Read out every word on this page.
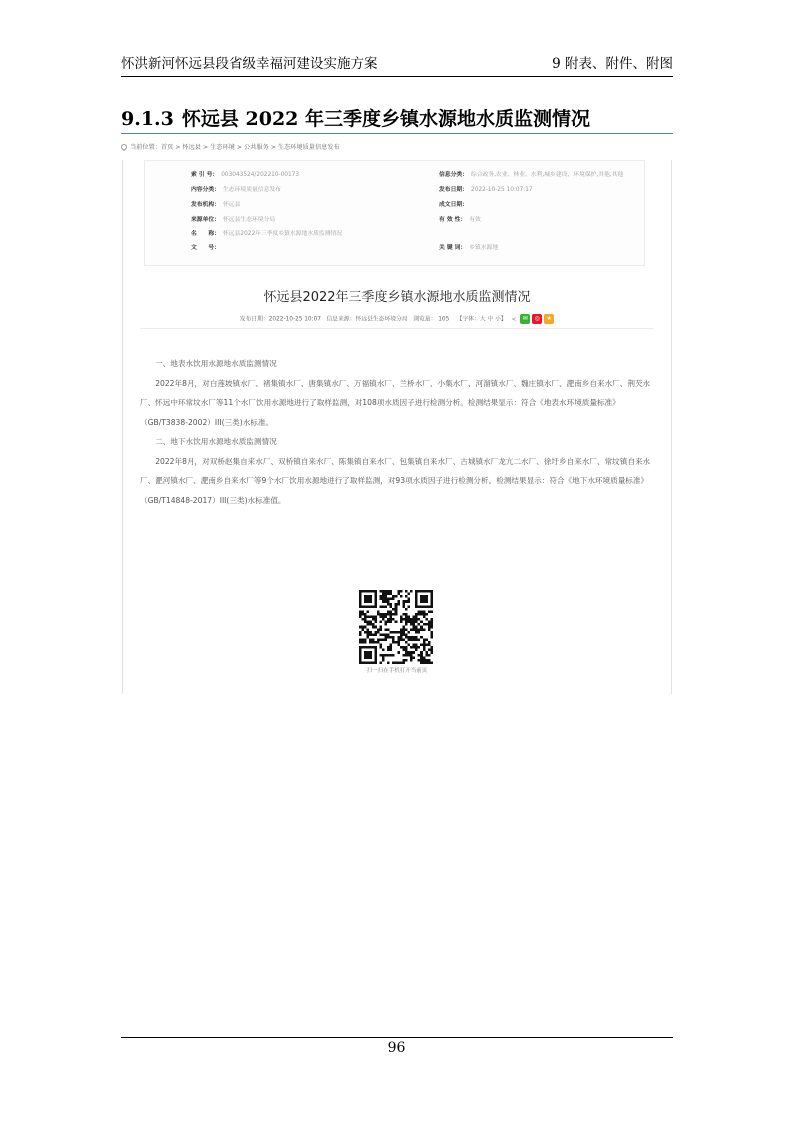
怀洪新河怀远县段省级幸福河建设实施方案	9 附表、附件、附图
9.1.3 怀远县 2022 年三季度乡镇水源地水质监测情况
当前位置：首页 > 怀远县 > 生态环境 > 公共服务 > 生态环境质量信息发布
索 引 号： 003043524/202210-00173
内容分类： 生态环境质量信息发布
发布机构： 怀远县
来源单位： 怀远县生态环境分局
名　　称： 怀远县2022年三季度乡镇水源地水质监测情况
文　　号：
信息分类： 综合政务,农业、林业、水利,城乡建设、环境保护,其他,其他
发布日期： 2022-10-25 10:07:17
成文日期：
有 效 性： 有效
关 键 词： 乡镇水源地
怀远县2022年三季度乡镇水源地水质监测情况
发布日期：2022-10-25 10:07 信息来源：怀远县生态环境分局 浏览量： 105 【字体：大 中 小】 < ✉ ◎ ★

一、地表水饮用水源地水质监测情况

2022年8月，对白莲坡镇水厂、褚集镇水厂、唐集镇水厂、万福镇水厂、兰桥水厂、小集水厂、河溜镇水厂、魏庄镇水厂、淝南乡自来水厂、荆芡水厂、怀远中环常坟水厂等11个水厂饮用水源地进行了取样监测，对108项水质因子进行检测分析。检测结果显示：符合《地表水环境质量标准》（GB/T3838-2002）III(三类)水标准。

二、地下水饮用水源地水质监测情况

2022年8月，对双桥赵集自来水厂、双桥镇自来水厂、陈集镇自来水厂、包集镇自来水厂、古城镇水厂龙亢二水厂、徐圩乡自来水厂、常坟镇自来水厂、淝河镇水厂、淝南乡自来水厂等9个水厂饮用水源地进行了取样监测，对93项水质因子进行检测分析。检测结果显示：符合《地下水环境质量标准》（GB/T14848-2017）III(三类)水标准值。

扫一扫在手机打开当前页
96
